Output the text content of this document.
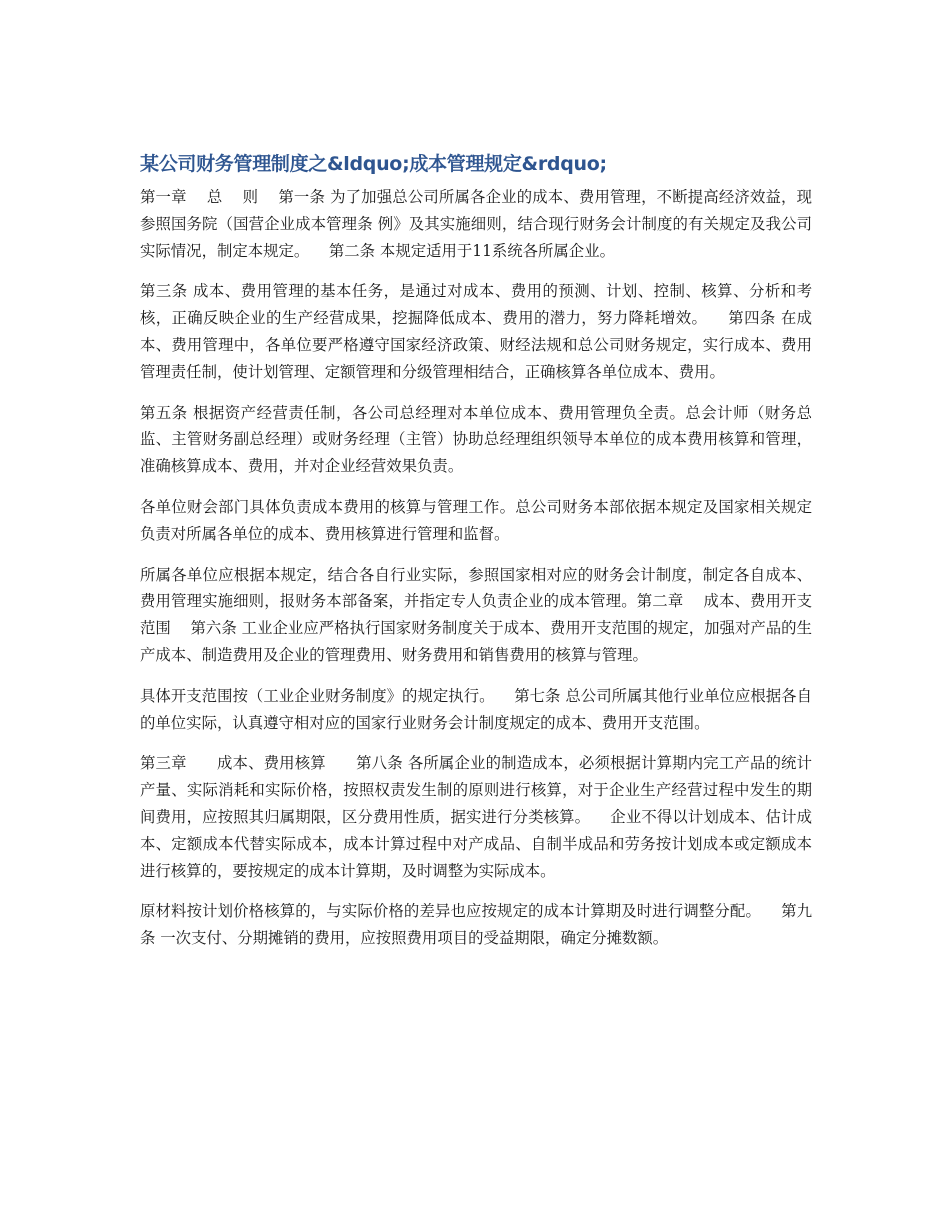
某公司财务管理制度之&ldquo;成本管理规定&rdquo;

第一章    总    则    第一条 为了加强总公司所属各企业的成本、费用管理，不断提高经济效益，现参照国务院（国营企业成本管理条 例》及其实施细则，结合现行财务会计制度的有关规定及我公司实际情况，制定本规定。    第二条 本规定适用于11系统各所属企业。

第三条 成本、费用管理的基本任务，是通过对成本、费用的预测、计划、控制、核算、分析和考核，正确反映企业的生产经营成果，挖掘降低成本、费用的潜力，努力降耗增效。    第四条 在成本、费用管理中，各单位要严格遵守国家经济政策、财经法规和总公司财务规定，实行成本、费用管理责任制，使计划管理、定额管理和分级管理相结合，正确核算各单位成本、费用。

第五条 根据资产经营责任制，各公司总经理对本单位成本、费用管理负全责。总会计师（财务总监、主管财务副总经理）或财务经理（主管）协助总经理组织领导本单位的成本费用核算和管理，准确核算成本、费用，并对企业经营效果负责。

各单位财会部门具体负责成本费用的核算与管理工作。总公司财务本部依据本规定及国家相关规定负责对所属各单位的成本、费用核算进行管理和监督。

所属各单位应根据本规定，结合各自行业实际，参照国家相对应的财务会计制度，制定各自成本、费用管理实施细则，报财务本部备案，并指定专人负责企业的成本管理。第二章    成本、费用开支范围    第六条 工业企业应严格执行国家财务制度关于成本、费用开支范围的规定，加强对产品的生产成本、制造费用及企业的管理费用、财务费用和销售费用的核算与管理。

具体开支范围按（工业企业财务制度》的规定执行。    第七条 总公司所属其他行业单位应根据各自的单位实际，认真遵守相对应的国家行业财务会计制度规定的成本、费用开支范围。

第三章      成本、费用核算      第八条 各所属企业的制造成本，必须根据计算期内完工产品的统计产量、实际消耗和实际价格，按照权责发生制的原则进行核算，对于企业生产经营过程中发生的期间费用，应按照其归属期限，区分费用性质，据实进行分类核算。    企业不得以计划成本、估计成本、定额成本代替实际成本，成本计算过程中对产成品、自制半成品和劳务按计划成本或定额成本进行核算的，要按规定的成本计算期，及时调整为实际成本。

原材料按计划价格核算的，与实际价格的差异也应按规定的成本计算期及时进行调整分配。    第九条 一次支付、分期摊销的费用，应按照费用项目的受益期限，确定分摊数额。
